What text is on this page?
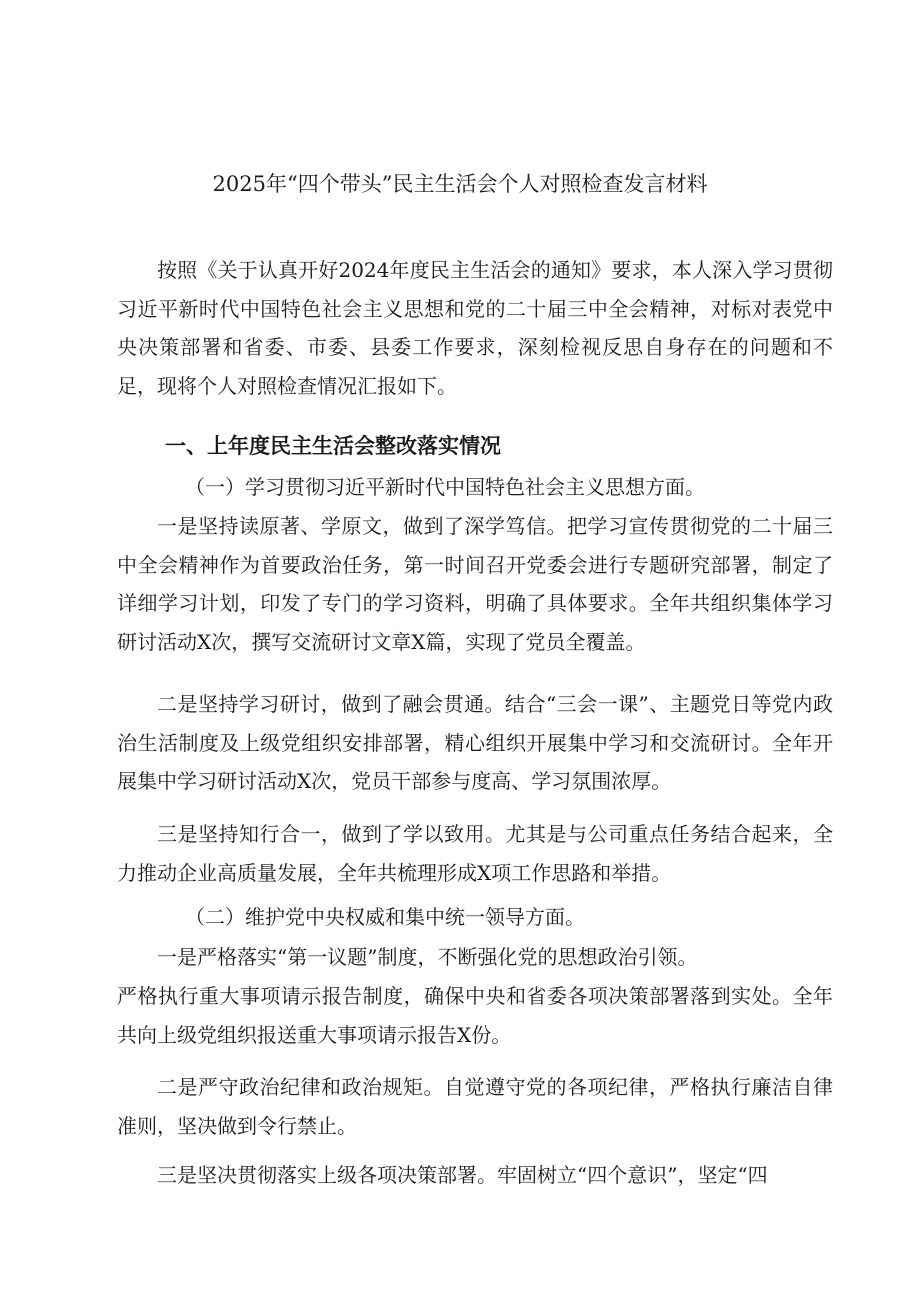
2025年“四个带头”民主生活会个人对照检查发言材料

按照《关于认真开好2024年度民主生活会的通知》要求，本人深入学习贯彻习近平新时代中国特色社会主义思想和党的二十届三中全会精神，对标对表党中央决策部署和省委、市委、县委工作要求，深刻检视反思自身存在的问题和不足，现将个人对照检查情况汇报如下。

一、上年度民主生活会整改落实情况
（一）学习贯彻习近平新时代中国特色社会主义思想方面。

一是坚持读原著、学原文，做到了深学笃信。把学习宣传贯彻党的二十届三中全会精神作为首要政治任务，第一时间召开党委会进行专题研究部署，制定了详细学习计划，印发了专门的学习资料，明确了具体要求。全年共组织集体学习研讨活动X次，撰写交流研讨文章X篇，实现了党员全覆盖。

二是坚持学习研讨，做到了融会贯通。结合“三会一课”、主题党日等党内政治生活制度及上级党组织安排部署，精心组织开展集中学习和交流研讨。全年开展集中学习研讨活动X次，党员干部参与度高、学习氛围浓厚。

三是坚持知行合一，做到了学以致用。尤其是与公司重点任务结合起来，全力推动企业高质量发展，全年共梳理形成X项工作思路和举措。

（二）维护党中央权威和集中统一领导方面。

一是严格落实“第一议题”制度，不断强化党的思想政治引领。

严格执行重大事项请示报告制度，确保中央和省委各项决策部署落到实处。全年共向上级党组织报送重大事项请示报告X份。

二是严守政治纪律和政治规矩。自觉遵守党的各项纪律，严格执行廉洁自律准则，坚决做到令行禁止。

三是坚决贯彻落实上级各项决策部署。牢固树立“四个意识”，坚定“四
